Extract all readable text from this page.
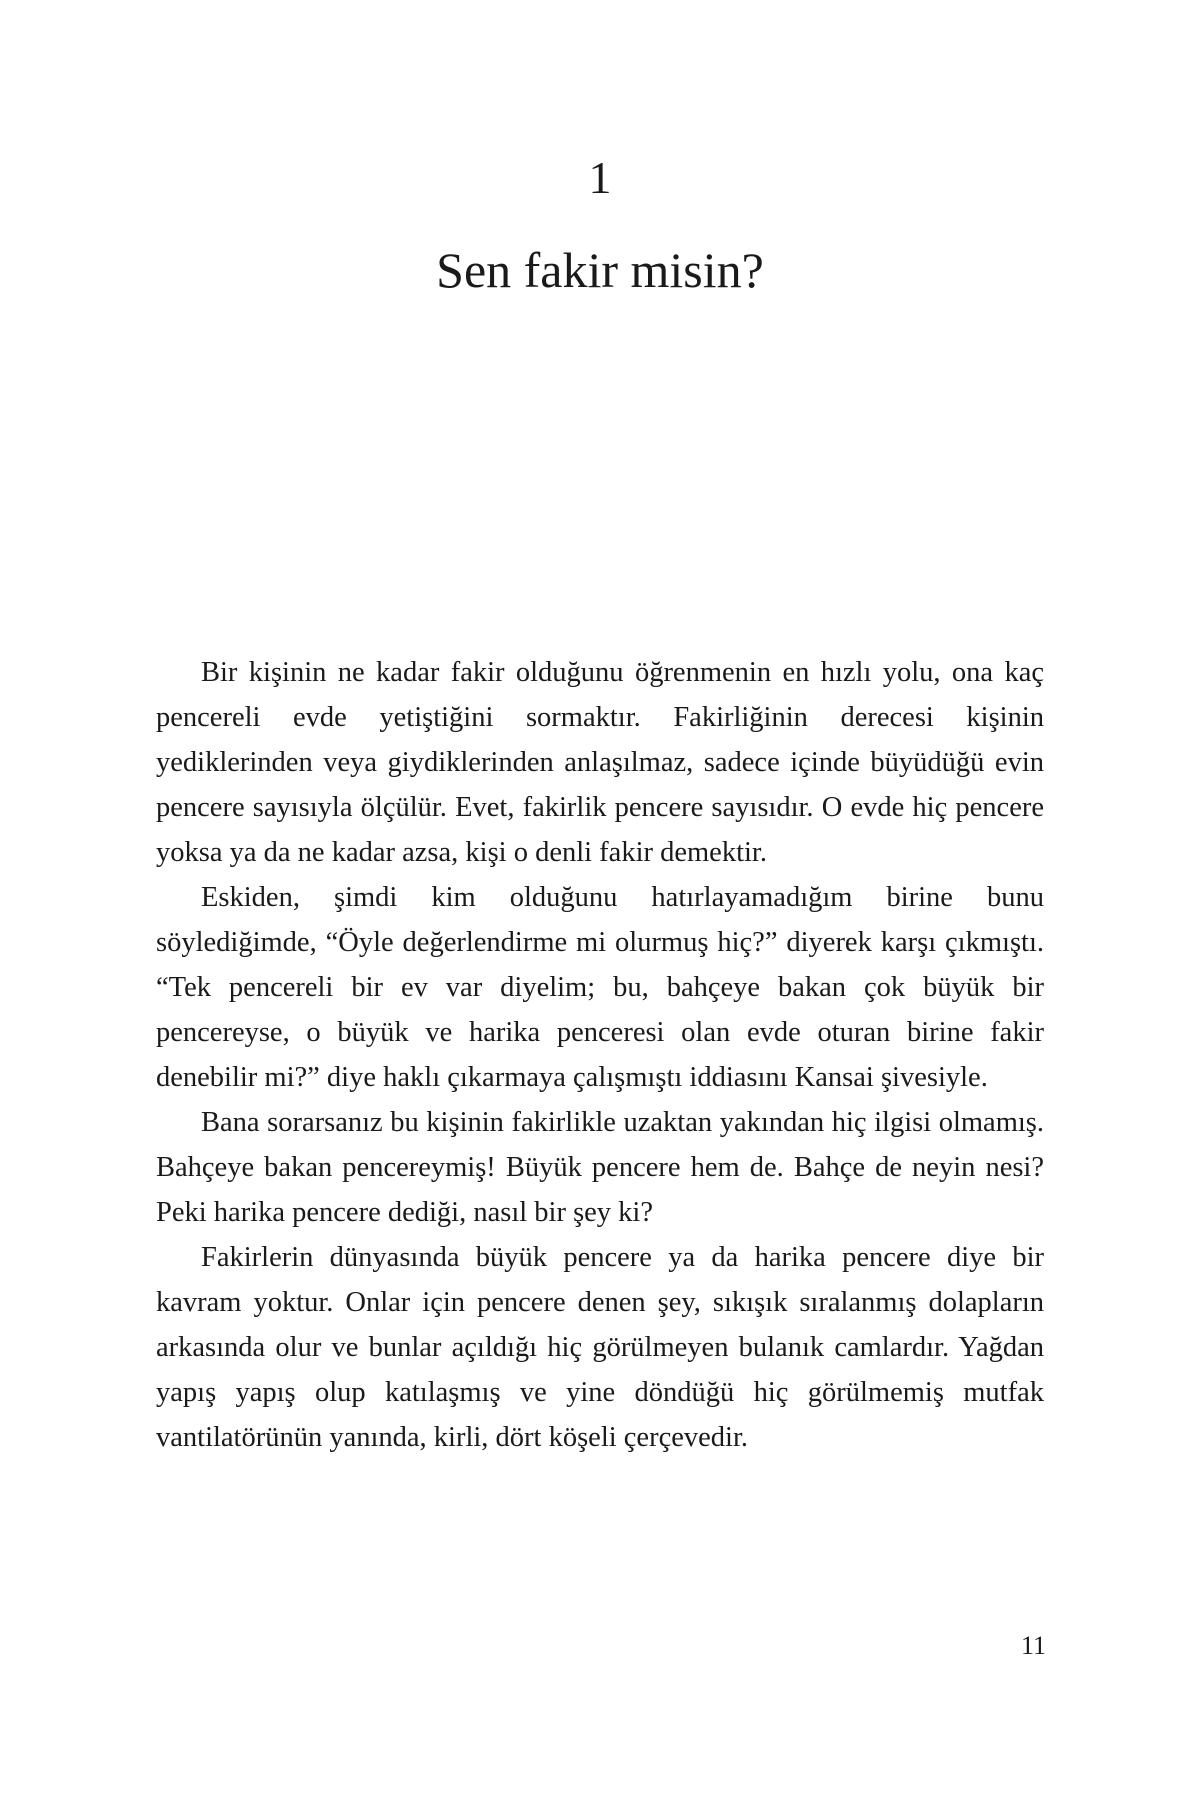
1
Sen fakir misin?

Bir kişinin ne kadar fakir olduğunu öğrenmenin en hızlı yolu, ona kaç pencereli evde yetiştiğini sormaktır. Fakirliğinin derecesi kişinin yediklerinden veya giydiklerinden anlaşılmaz, sadece içinde büyüdüğü evin pencere sayısıyla ölçülür. Evet, fakirlik pencere sayısıdır. O evde hiç pencere yoksa ya da ne kadar azsa, kişi o denli fakir demektir.

Eskiden, şimdi kim olduğunu hatırlayamadığım birine bunu söylediğimde, “Öyle değerlendirme mi olurmuş hiç?” diyerek karşı çıkmıştı. “Tek pencereli bir ev var diyelim; bu, bahçeye bakan çok büyük bir pencereyse, o büyük ve harika penceresi olan evde oturan birine fakir denebilir mi?” diye haklı çıkarmaya çalışmıştı iddiasını Kansai şivesiyle.

Bana sorarsanız bu kişinin fakirlikle uzaktan yakından hiç ilgisi olmamış. Bahçeye bakan pencereymiş! Büyük pencere hem de. Bahçe de neyin nesi? Peki harika pencere dediği, nasıl bir şey ki?

Fakirlerin dünyasında büyük pencere ya da harika pencere diye bir kavram yoktur. Onlar için pencere denen şey, sıkışık sıralanmış dolapların arkasında olur ve bunlar açıldığı hiç görülmeyen bulanık camlardır. Yağdan yapış yapış olup katılaşmış ve yine döndüğü hiç görülmemiş mutfak vantilatörünün yanında, kirli, dört köşeli çerçevedir.

11
